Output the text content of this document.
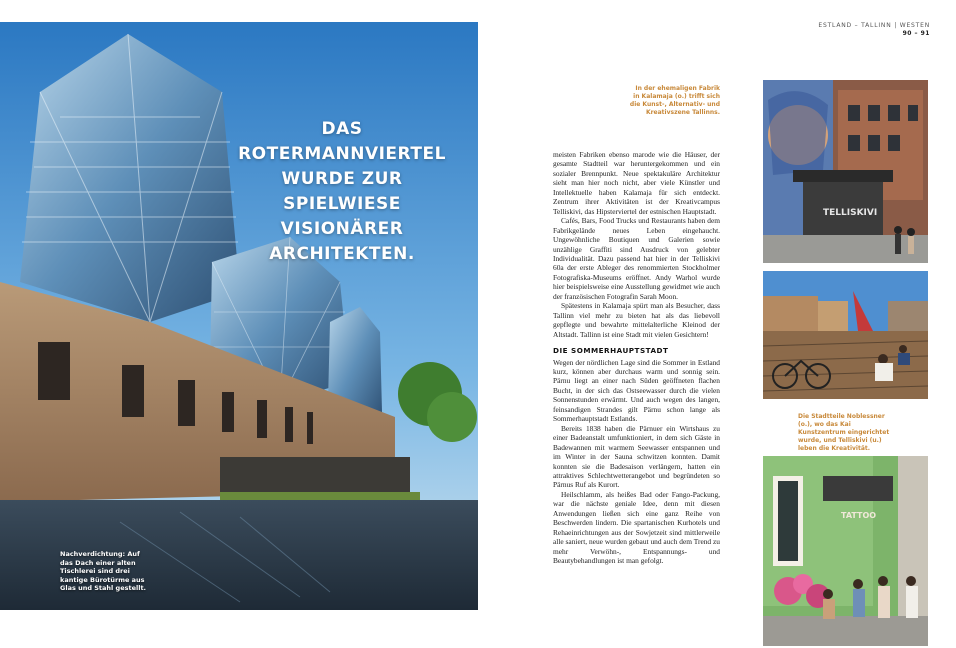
DAS ROTERMANNVIERTEL WURDE ZUR SPIELWIESE VISIONÄRER ARCHITEKTEN.
Nachverdichtung: Auf das Dach einer alten Tischlerei sind drei kantige Bürotürme aus Glas und Stahl gestellt.
ESTLAND – TALLINN | WESTEN
90 – 91
In der ehemaligen Fabrik in Kalamaja (o.) trifft sich die Kunst-, Alternativ- und Kreativszene Tallinns.
Die Stadtteile Noblessner (o.), wo das Kai Kunstzentrum eingerichtet wurde, und Telliskivi (u.) leben die Kreativität.

meisten Fabriken ebenso marode wie die Häuser, der gesamte Stadtteil war heruntergekommen und ein sozialer Brennpunkt. Neue spektakuläre Architektur sieht man hier noch nicht, aber viele Künstler und Intellektuelle haben Kalamaja für sich entdeckt. Zentrum ihrer Aktivitäten ist der Kreativcampus Telliskivi, das Hipsterviertel der estnischen Hauptstadt.

Cafés, Bars, Food Trucks und Restaurants haben dem Fabrikgelände neues Leben eingehaucht. Ungewöhnliche Boutiquen und Galerien sowie unzählige Graffiti sind Ausdruck von gelebter Individualität. Dazu passend hat hier in der Telliskivi 60a der erste Ableger des renommierten Stockholmer Fotografiska-Museums eröffnet. Andy Warhol wurde hier beispielsweise eine Ausstellung gewidmet wie auch der französischen Fotografin Sarah Moon.

Spätestens in Kalamaja spürt man als Besucher, dass Tallinn viel mehr zu bieten hat als das liebevoll gepflegte und bewahrte mittelalterliche Kleinod der Altstadt. Tallinn ist eine Stadt mit vielen Gesichtern!

DIE SOMMERHAUPTSTADT

Wegen der nördlichen Lage sind die Sommer in Estland kurz, können aber durchaus warm und sonnig sein. Pärnu liegt an einer nach Süden geöffneten flachen Bucht, in der sich das Ostseewasser durch die vielen Sonnenstunden erwärmt. Und auch wegen des langen, feinsandigen Strandes gilt Pärnu schon lange als Sommerhauptstadt Estlands.

Bereits 1838 haben die Pärnuer ein Wirtshaus zu einer Badeanstalt umfunktioniert, in dem sich Gäste in Badewannen mit warmem Seewasser entspannen und im Winter in der Sauna schwitzen konnten. Damit konnten sie die Badesaison verlängern, hatten ein attraktives Schlechtwetterangebot und begründeten so Pärnus Ruf als Kurort.

Heilschlamm, als heißes Bad oder Fango-Packung, war die nächste geniale Idee, denn mit diesen Anwendungen ließen sich eine ganz Reihe von Beschwerden lindern. Die spartanischen Kurhotels und Rehaeinrichtungen aus der Sowjetzeit sind mittlerweile alle saniert, neue wurden gebaut und auch dem Trend zu mehr Verwöhn-, Entspannungs- und Beautybehandlungen ist man gefolgt.

TELLISKIVI
TATTOO
